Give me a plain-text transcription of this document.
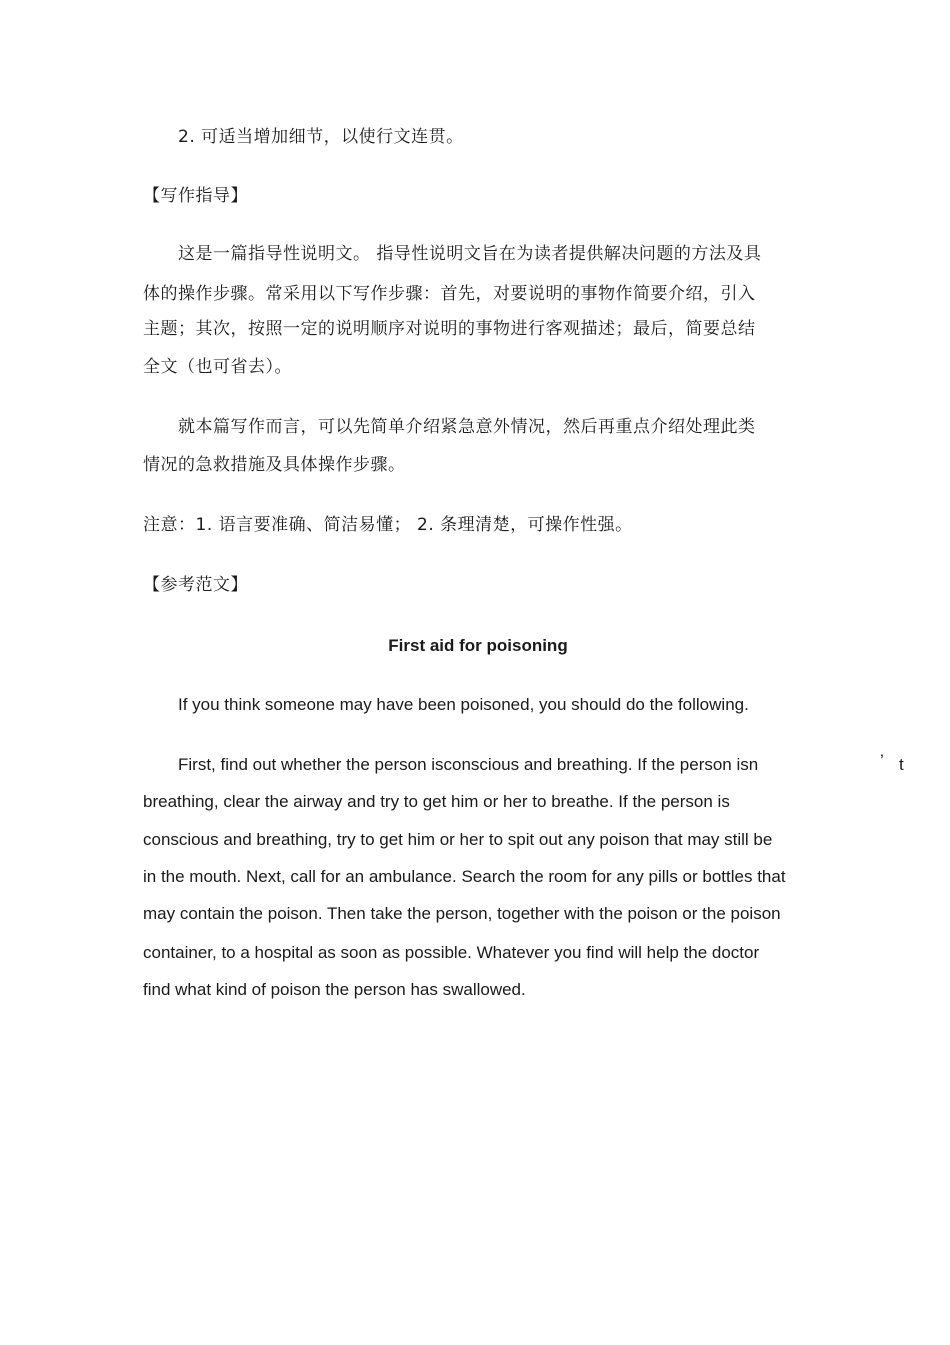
2. 可适当增加细节，以使行文连贯。
【写作指导】
这是一篇指导性说明文。 指导性说明文旨在为读者提供解决问题的方法及具
体的操作步骤。常采用以下写作步骤：首先，对要说明的事物作简要介绍，引入
主题；其次，按照一定的说明顺序对说明的事物进行客观描述；最后，简要总结
全文（也可省去）。
就本篇写作而言，可以先简单介绍紧急意外情况，然后再重点介绍处理此类
情况的急救措施及具体操作步骤。
注意：1. 语言要准确、简洁易懂； 2. 条理清楚，可操作性强。
【参考范文】
First aid for poisoning
If you think someone may have been poisoned, you should do the following.
First, find out whether the person isconscious and breathing. If the person isn	’ t
breathing, clear the airway and try to get him or her to breathe. If the person is
conscious and breathing, try to get him or her to spit out any poison that may still be
in the mouth. Next, call for an ambulance. Search the room for any pills or bottles that
may contain the poison. Then take the person, together with the poison or the poison
container, to a hospital as soon as possible. Whatever you find will help the doctor
find what kind of poison the person has swallowed.
